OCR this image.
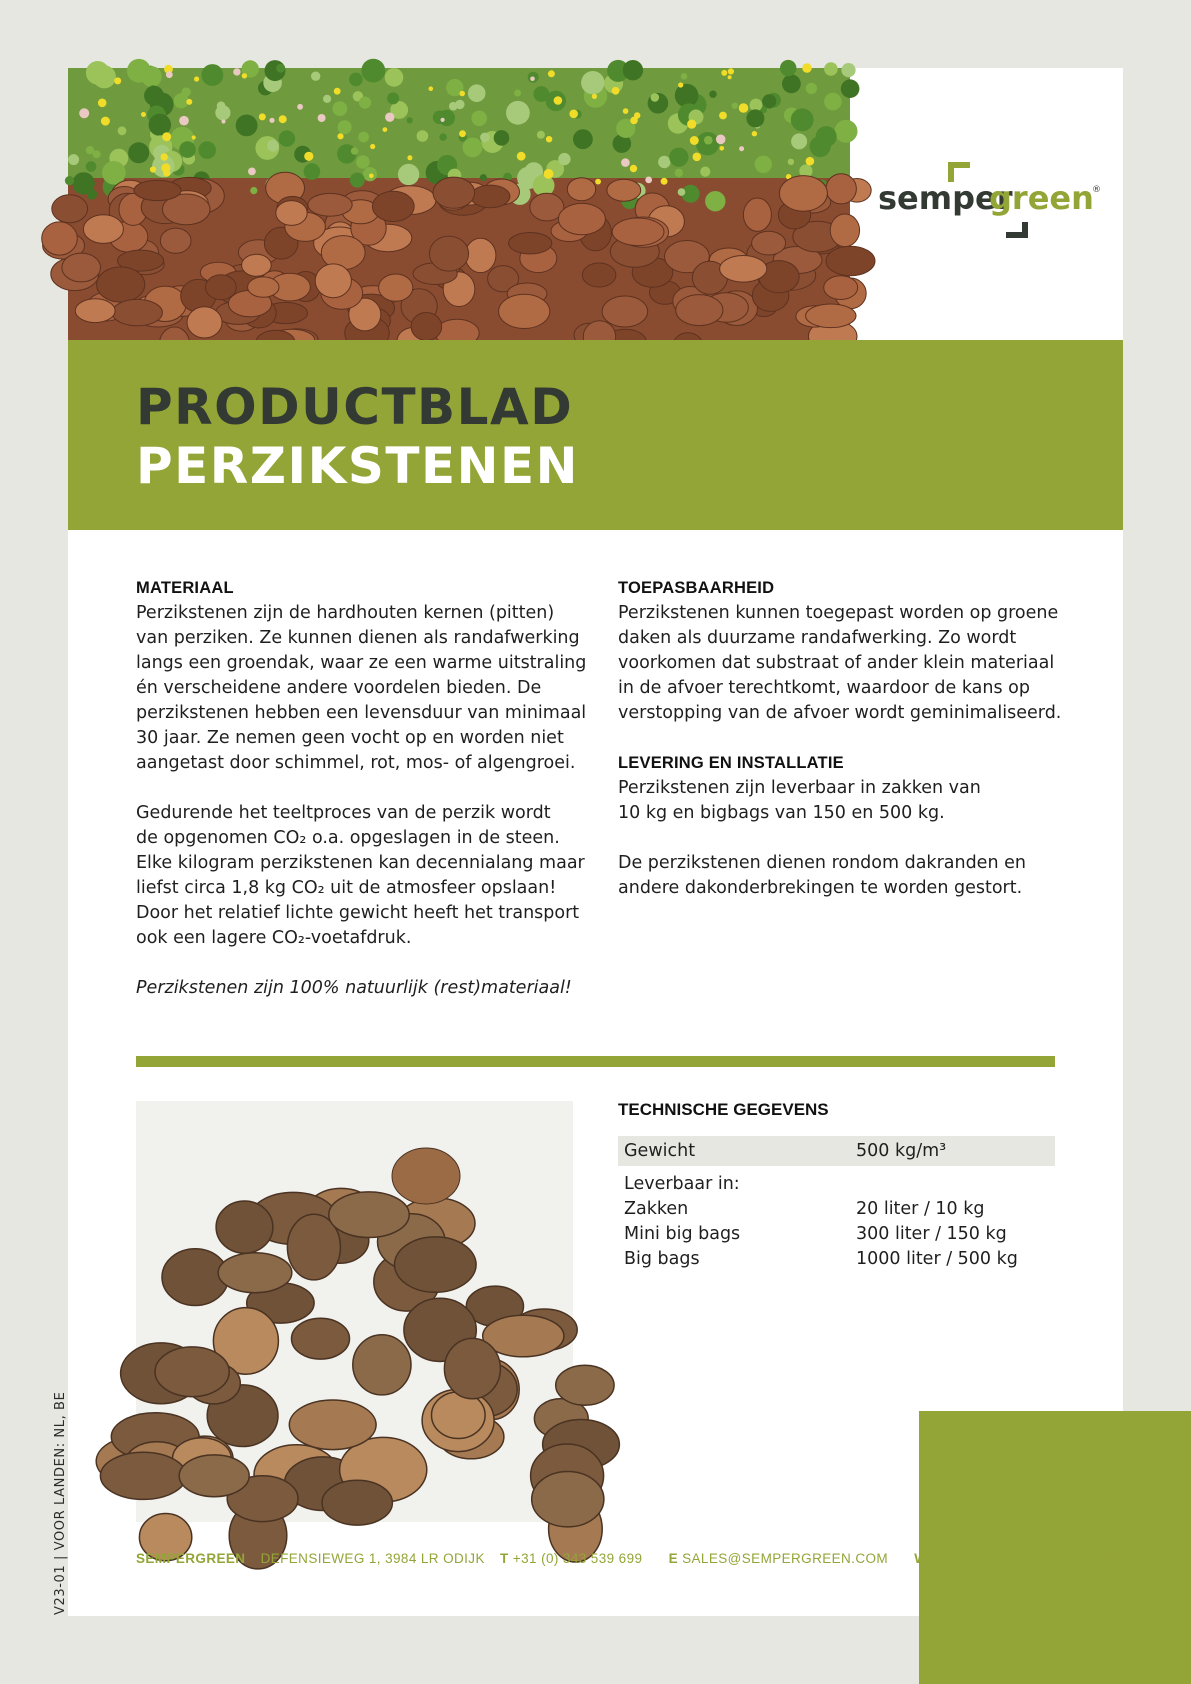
V23-01 | VOOR LANDEN: NL, BE
semper
green
®
PRODUCTBLAD
PERZIKSTENEN
MATERIAAL

Perzikstenen zijn de hardhouten kernen (pitten)
van perziken. Ze kunnen dienen als randafwerking
langs een groendak, waar ze een warme uitstraling
én verscheidene andere voordelen bieden. De
perzikstenen hebben een levensduur van minimaal
30 jaar. Ze nemen geen vocht op en worden niet
aangetast door schimmel, rot, mos- of algengroei.

Gedurende het teeltproces van de perzik wordt
de opgenomen CO₂ o.a. opgeslagen in de steen.
Elke kilogram perzikstenen kan decennialang maar
liefst circa 1,8 kg CO₂ uit de atmosfeer opslaan!
Door het relatief lichte gewicht heeft het transport
ook een lagere CO₂-voetafdruk.

Perzikstenen zijn 100% natuurlijk (rest)materiaal!

TOEPASBAARHEID

Perzikstenen kunnen toegepast worden op groene
daken als duurzame randafwerking. Zo wordt
voorkomen dat substraat of ander klein materiaal
in de afvoer terechtkomt, waardoor de kans op
verstopping van de afvoer wordt geminimaliseerd.

LEVERING EN INSTALLATIE

Perzikstenen zijn leverbaar in zakken van
10 kg en bigbags van 150 en 500 kg.

De perzikstenen dienen rondom dakranden en
andere dakonderbrekingen te worden gestort.

TECHNISCHE GEGEVENS
Gewicht	500 kg/m³
Leverbaar in:
Zakken	20 liter / 10 kg
Mini big bags	300 liter / 150 kg
Big bags	1000 liter / 500 kg
SEMPERGREEN DEFENSIEWEG 1, 3984 LR ODIJK T +31 (0) 343 539 699 E SALES@SEMPERGREEN.COM W WWW.SEMPERGREEN.COM
